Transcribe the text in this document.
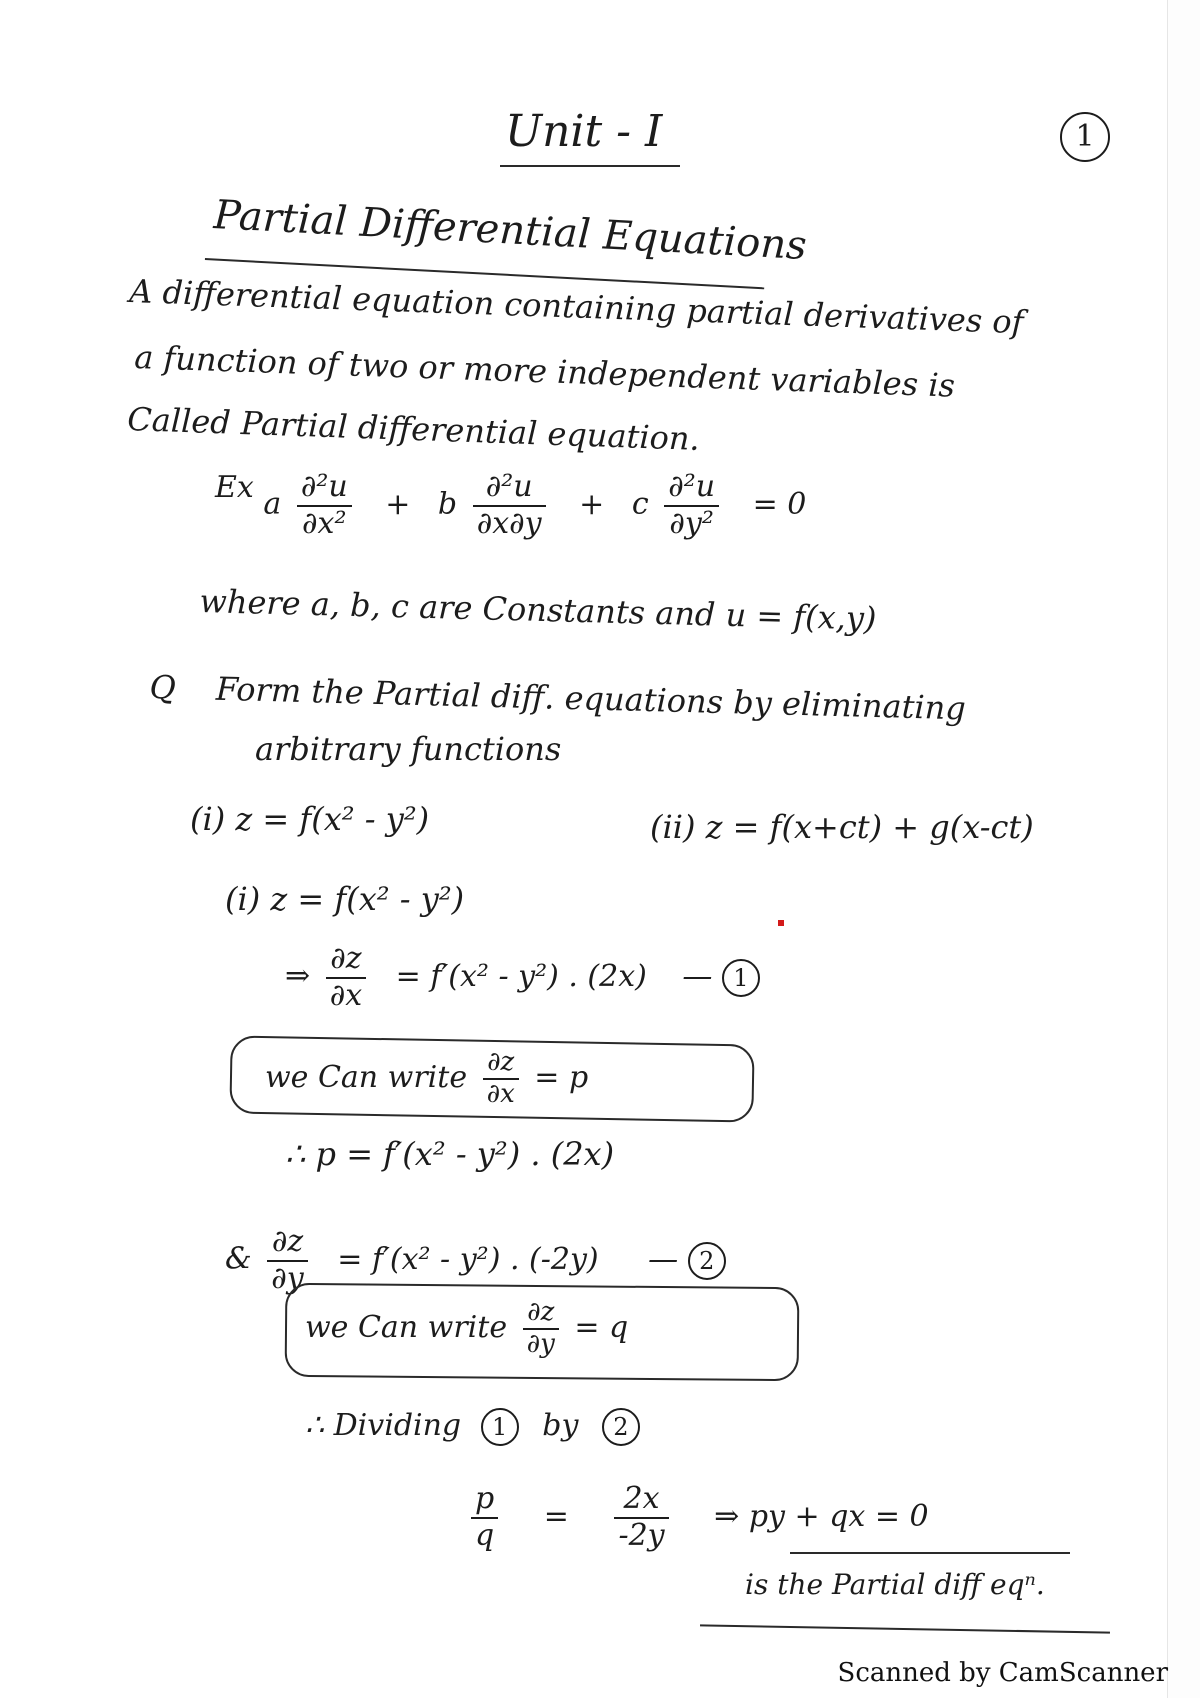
Unit - I	1
Partial Differential Equations
A differential equation containing partial derivatives of
a function of two or more independent variables is
Called Partial differential equation.
Ex a $\frac{\text{∂²u}}{\text{∂x²}} + b \frac{\text{∂²u}}{\partial x\partial y} + c \frac{\text{∂²u}}{\text{∂y²}} = 0$
where a, b, c are Constants and u = f(x,y)
Q Form the Partial diff. equations by eliminating
arbitrary functions
(i) z = f(x² - y²)	(ii) z = f(x+ct) + g(x-ct)
(i) z = f(x² - y²)
⇒ $\frac{\partial z}{\partial x} = f'(x^2 - y^2)$ . (2x) — 1
we Can write $\frac{\partial z}{\partial x} = p$
∴ p = f′(x² - y²) . (2x)
& $\frac{\partial z}{\partial y} = f'(x^2 - y^2)$ . (-2y) — 2
we Can write $\frac{\partial z}{\partial y} = q$
∴ Dividing 1 by 2
$\frac{p}{q} = \frac{2x}{-2y}$ ⇒ py + qx = 0
is the Partial diff eqⁿ.
Scanned by CamScanner
